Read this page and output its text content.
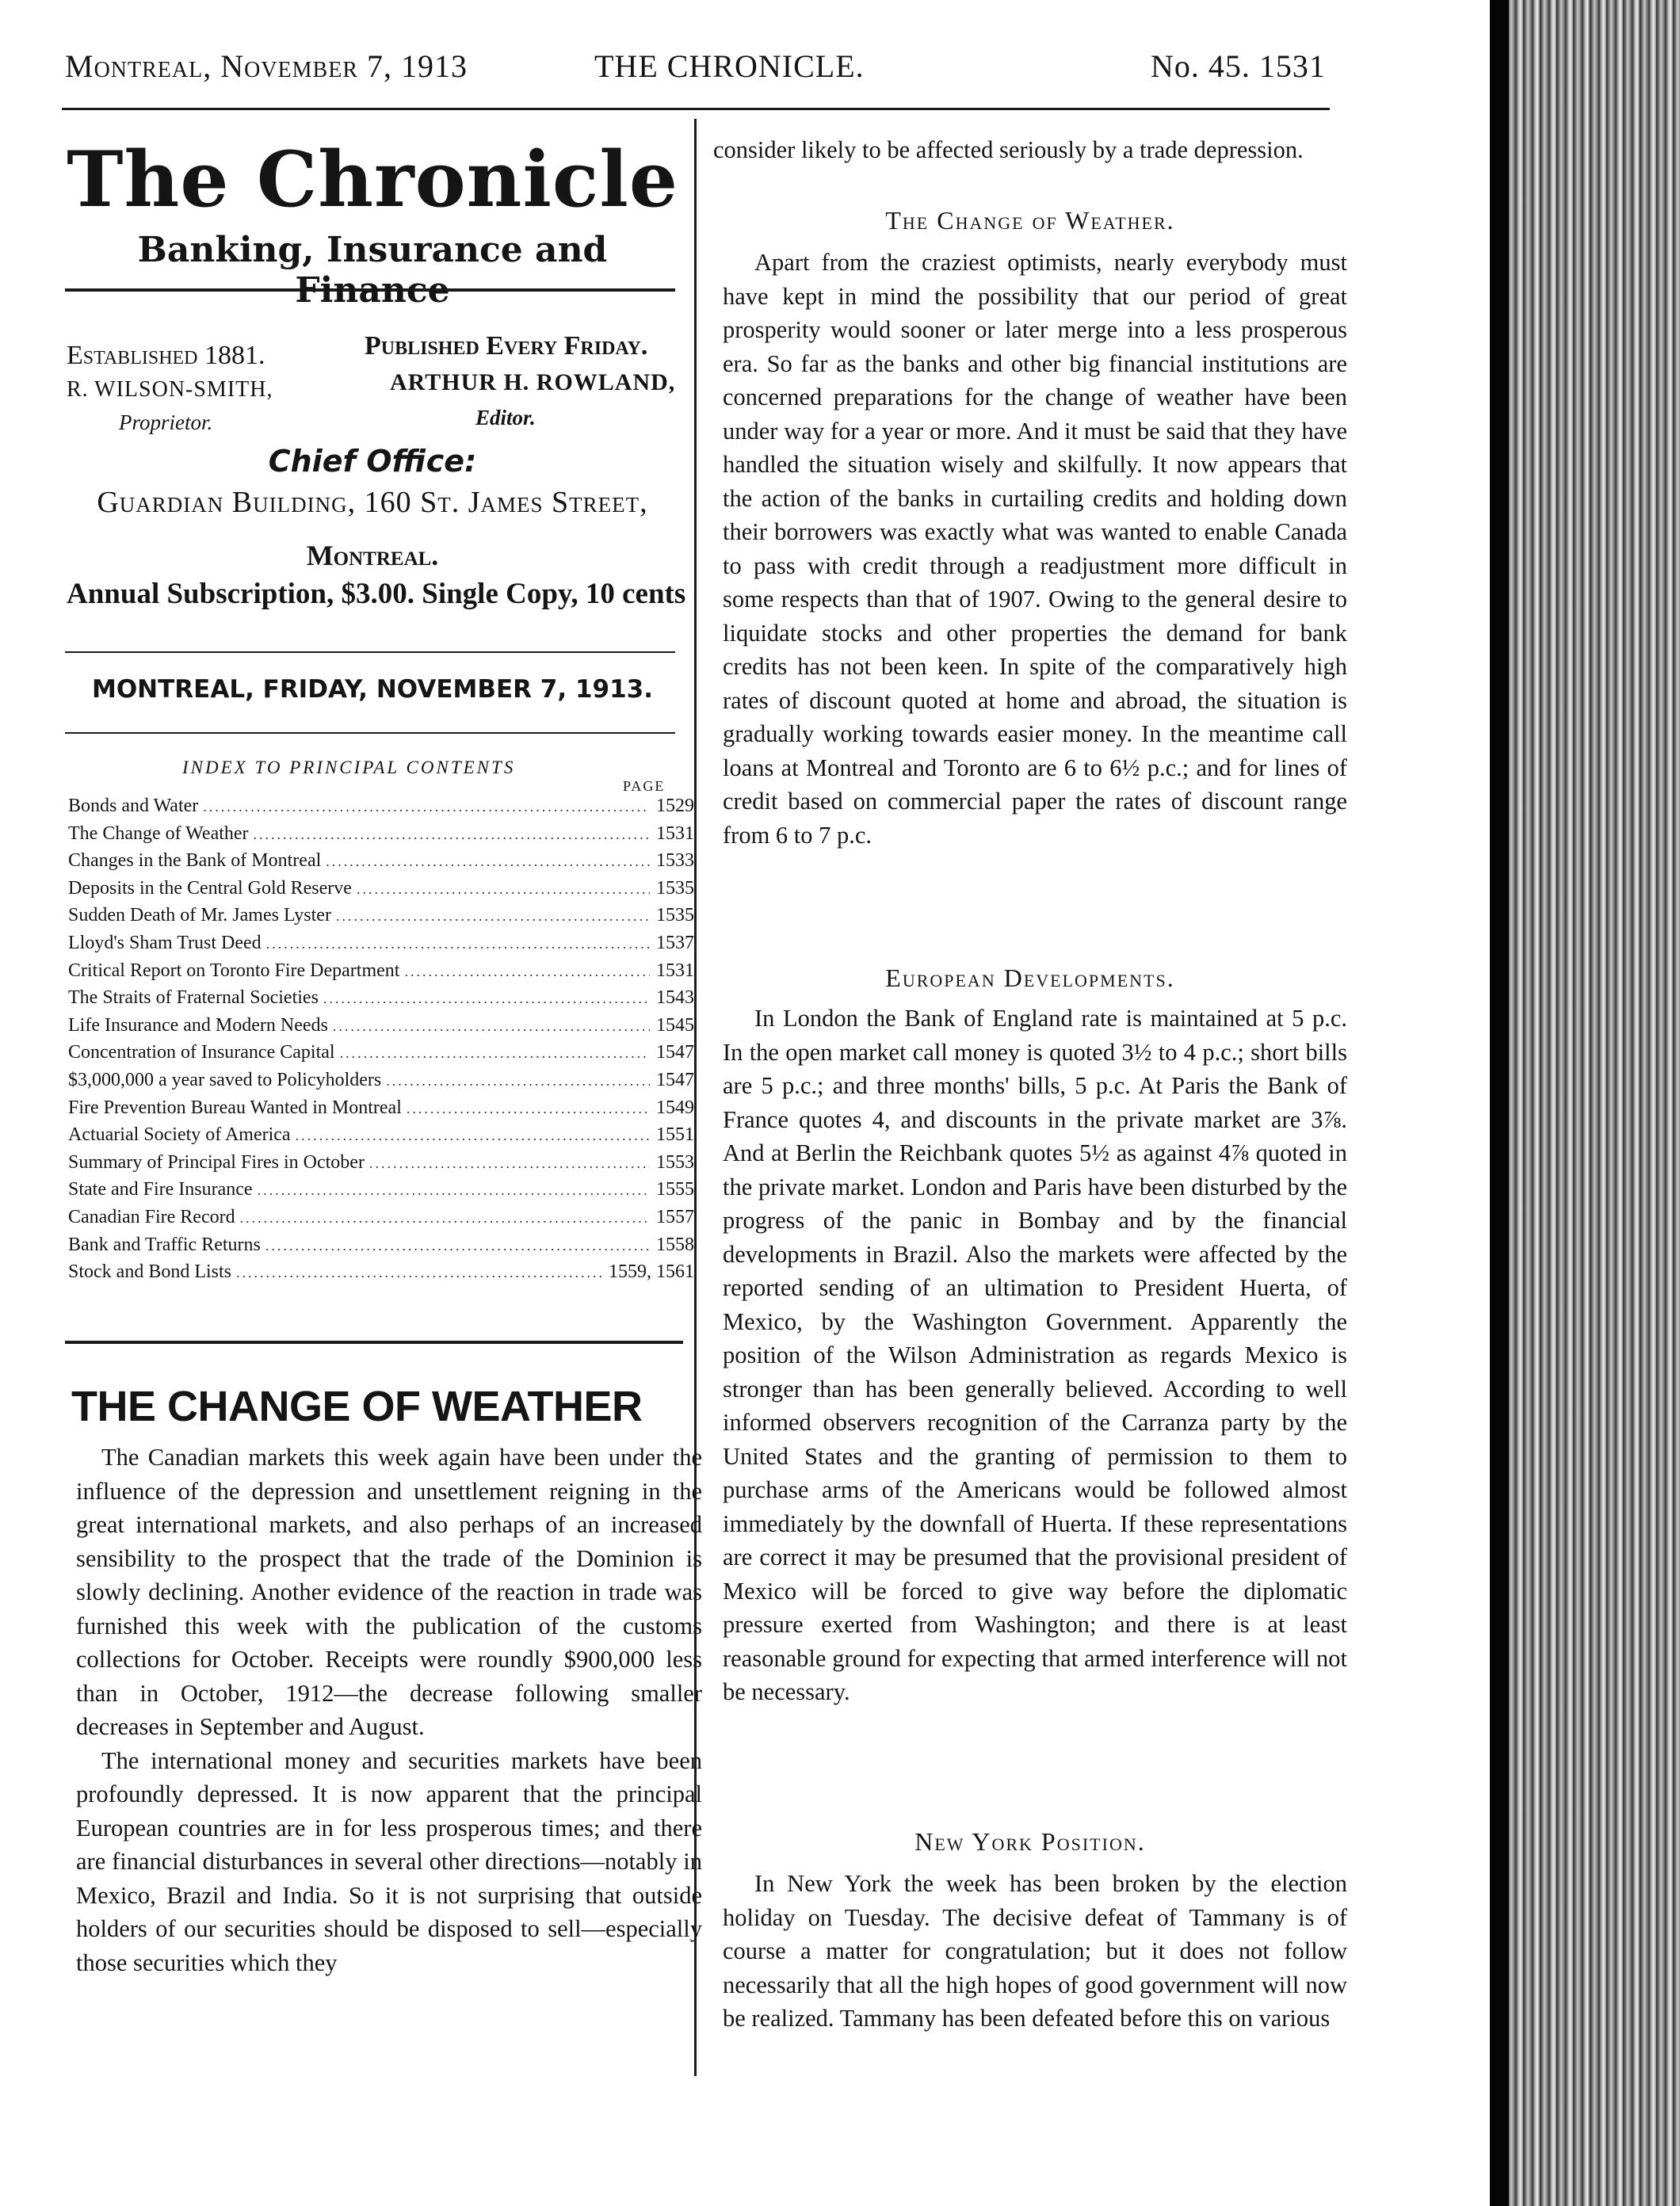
Montreal, November 7, 1913	THE CHRONICLE.	No. 45. 1531
The Chronicle
Banking, Insurance and Finance
Established 1881.	Published Every Friday.
R. WILSON-SMITH,	ARTHUR H. ROWLAND,
Proprietor.	Editor.
Chief Office:
Guardian Building, 160 St. James Street,
Montreal.
Annual Subscription, $3.00. Single Copy, 10 cents
MONTREAL, FRIDAY, NOVEMBER 7, 1913.
INDEX TO PRINCIPAL CONTENTS
PAGE
Bonds and Water .....	1529
The Change of Weather .....	1531
Changes in the Bank of Montreal .....	1533
Deposits in the Central Gold Reserve .....	1535
Sudden Death of Mr. James Lyster .....	1535
Lloyd's Sham Trust Deed .....	1537
Critical Report on Toronto Fire Department .....	1531
The Straits of Fraternal Societies .....	1543
Life Insurance and Modern Needs .....	1545
Concentration of Insurance Capital .....	1547
$3,000,000 a year saved to Policyholders .....	1547
Fire Prevention Bureau Wanted in Montreal .....	1549
Actuarial Society of America .....	1551
Summary of Principal Fires in October .....	1553
State and Fire Insurance .....	1555
Canadian Fire Record .....	1557
Bank and Traffic Returns .....	1558
Stock and Bond Lists .....	1559, 1561
THE CHANGE OF WEATHER

The Canadian markets this week again have been under the influence of the depression and unsettlement reigning in the great international markets, and also perhaps of an increased sensibility to the prospect that the trade of the Dominion is slowly declining. Another evidence of the reaction in trade was furnished this week with the publication of the customs collections for October. Receipts were roundly $900,000 less than in October, 1912—the decrease following smaller decreases in September and August.

The international money and securities markets have been profoundly depressed. It is now apparent that the principal European countries are in for less prosperous times; and there are financial disturbances in several other directions—notably in Mexico, Brazil and India. So it is not surprising that outside holders of our securities should be disposed to sell—especially those securities which they

consider likely to be affected seriously by a trade depression.

The Change of Weather.

Apart from the craziest optimists, nearly everybody must have kept in mind the possibility that our period of great prosperity would sooner or later merge into a less prosperous era. So far as the banks and other big financial institutions are concerned preparations for the change of weather have been under way for a year or more. And it must be said that they have handled the situation wisely and skilfully. It now appears that the action of the banks in curtailing credits and holding down their borrowers was exactly what was wanted to enable Canada to pass with credit through a readjustment more difficult in some respects than that of 1907. Owing to the general desire to liquidate stocks and other properties the demand for bank credits has not been keen. In spite of the comparatively high rates of discount quoted at home and abroad, the situation is gradually working towards easier money. In the meantime call loans at Montreal and Toronto are 6 to 6½ p.c.; and for lines of credit based on commercial paper the rates of discount range from 6 to 7 p.c.

European Developments.

In London the Bank of England rate is maintained at 5 p.c. In the open market call money is quoted 3½ to 4 p.c.; short bills are 5 p.c.; and three months' bills, 5 p.c. At Paris the Bank of France quotes 4, and discounts in the private market are 3⅞. And at Berlin the Reichbank quotes 5½ as against 4⅞ quoted in the private market. London and Paris have been disturbed by the progress of the panic in Bombay and by the financial developments in Brazil. Also the markets were affected by the reported sending of an ultimation to President Huerta, of Mexico, by the Washington Government. Apparently the position of the Wilson Administration as regards Mexico is stronger than has been generally believed. According to well informed observers recognition of the Carranza party by the United States and the granting of permission to them to purchase arms of the Americans would be followed almost immediately by the downfall of Huerta. If these representations are correct it may be presumed that the provisional president of Mexico will be forced to give way before the diplomatic pressure exerted from Washington; and there is at least reasonable ground for expecting that armed interference will not be necessary.

New York Position.

In New York the week has been broken by the election holiday on Tuesday. The decisive defeat of Tammany is of course a matter for congratulation; but it does not follow necessarily that all the high hopes of good government will now be realized. Tammany has been defeated before this on various
